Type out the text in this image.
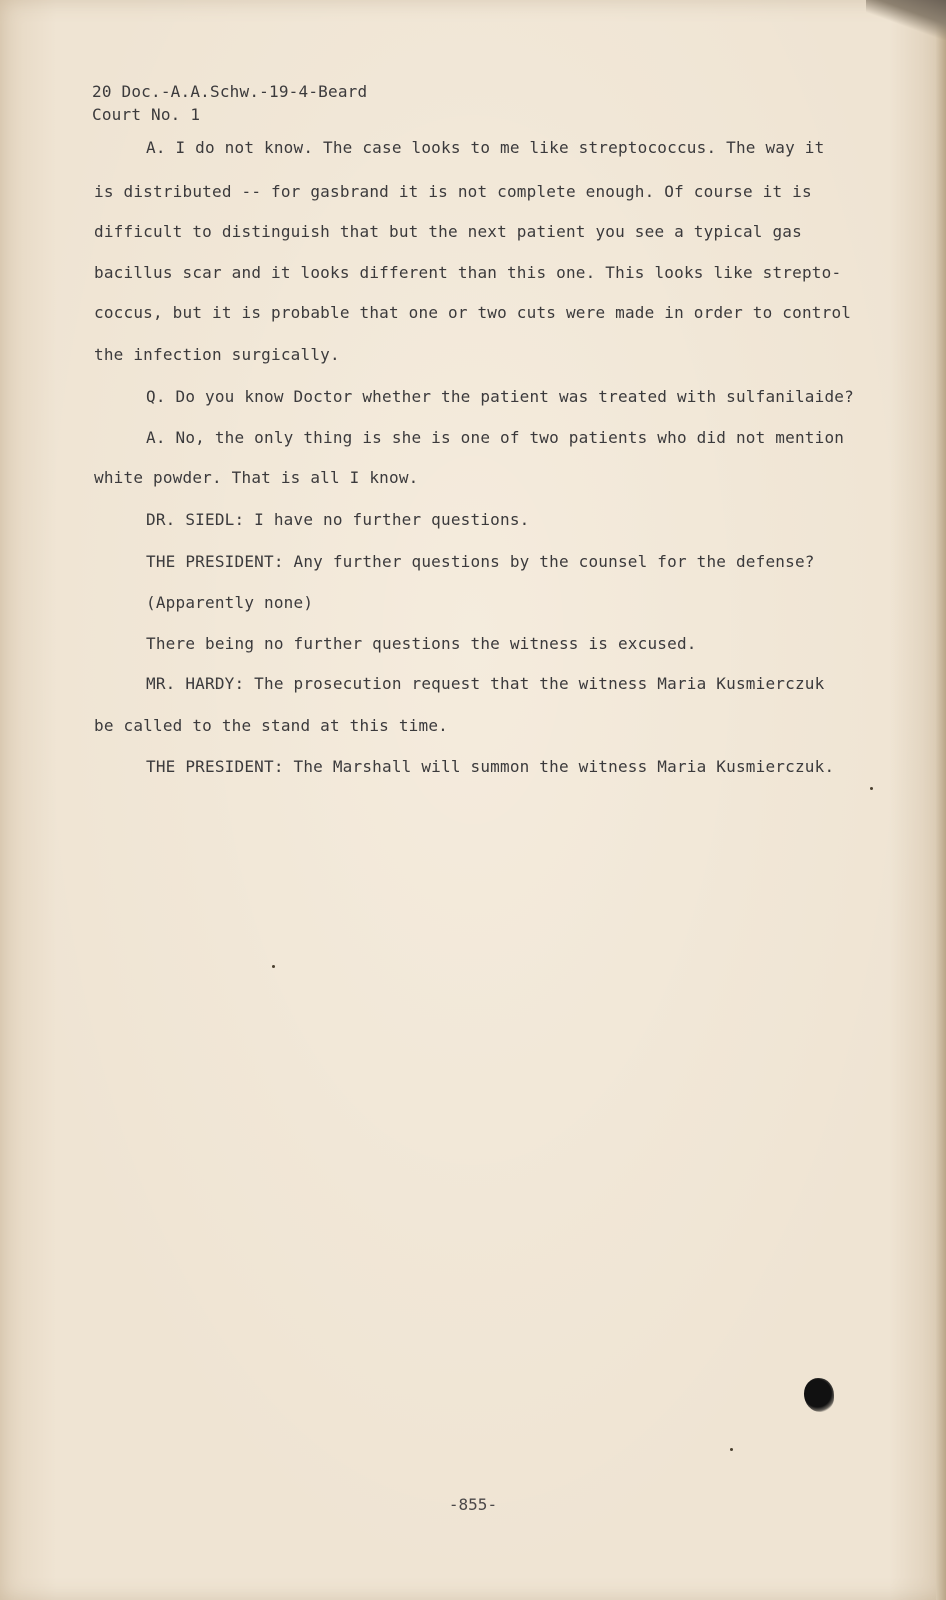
20 Doc.-A.A.Schw.-19-4-Beard
Court No. 1
A. I do not know. The case looks to me like streptococcus. The way it
is distributed -- for gasbrand it is not complete enough. Of course it is
difficult to distinguish that but the next patient you see a typical gas
bacillus scar and it looks different than this one. This looks like strepto-
coccus, but it is probable that one or two cuts were made in order to control
the infection surgically.
Q. Do you know Doctor whether the patient was treated with sulfanilaide?
A. No, the only thing is she is one of two patients who did not mention
white powder. That is all I know.
DR. SIEDL: I have no further questions.
THE PRESIDENT: Any further questions by the counsel for the defense?
(Apparently none)
There being no further questions the witness is excused.
MR. HARDY: The prosecution request that the witness Maria Kusmierczuk
be called to the stand at this time.
THE PRESIDENT: The Marshall will summon the witness Maria Kusmierczuk.
-855-
